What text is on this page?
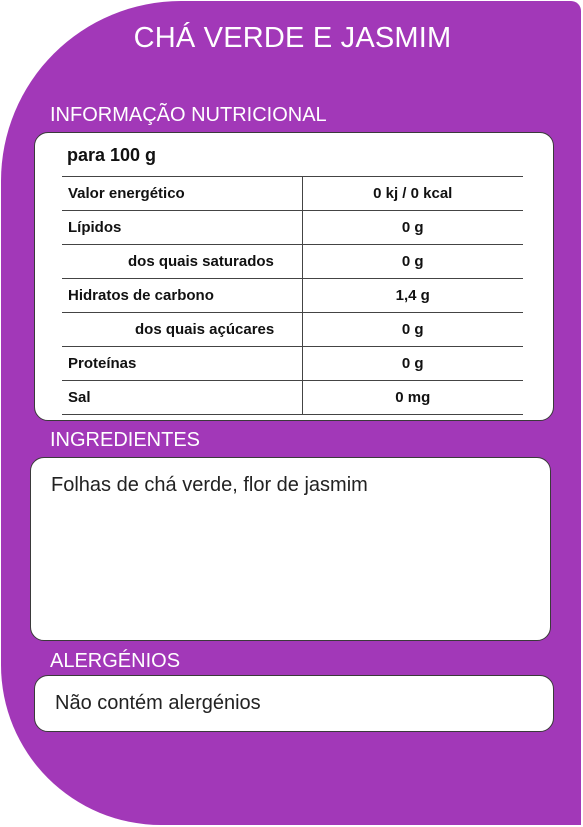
CHÁ VERDE E JASMIM
INFORMAÇÃO NUTRICIONAL
para 100 g
Valor energético	0 kj / 0 kcal
Lípidos	0 g
dos quais saturados	0 g
Hidratos de carbono	1,4 g
dos quais açúcares	0 g
Proteínas	0 g
Sal	0 mg
INGREDIENTES
Folhas de chá verde, flor de jasmim
ALERGÉNIOS
Não contém alergénios
